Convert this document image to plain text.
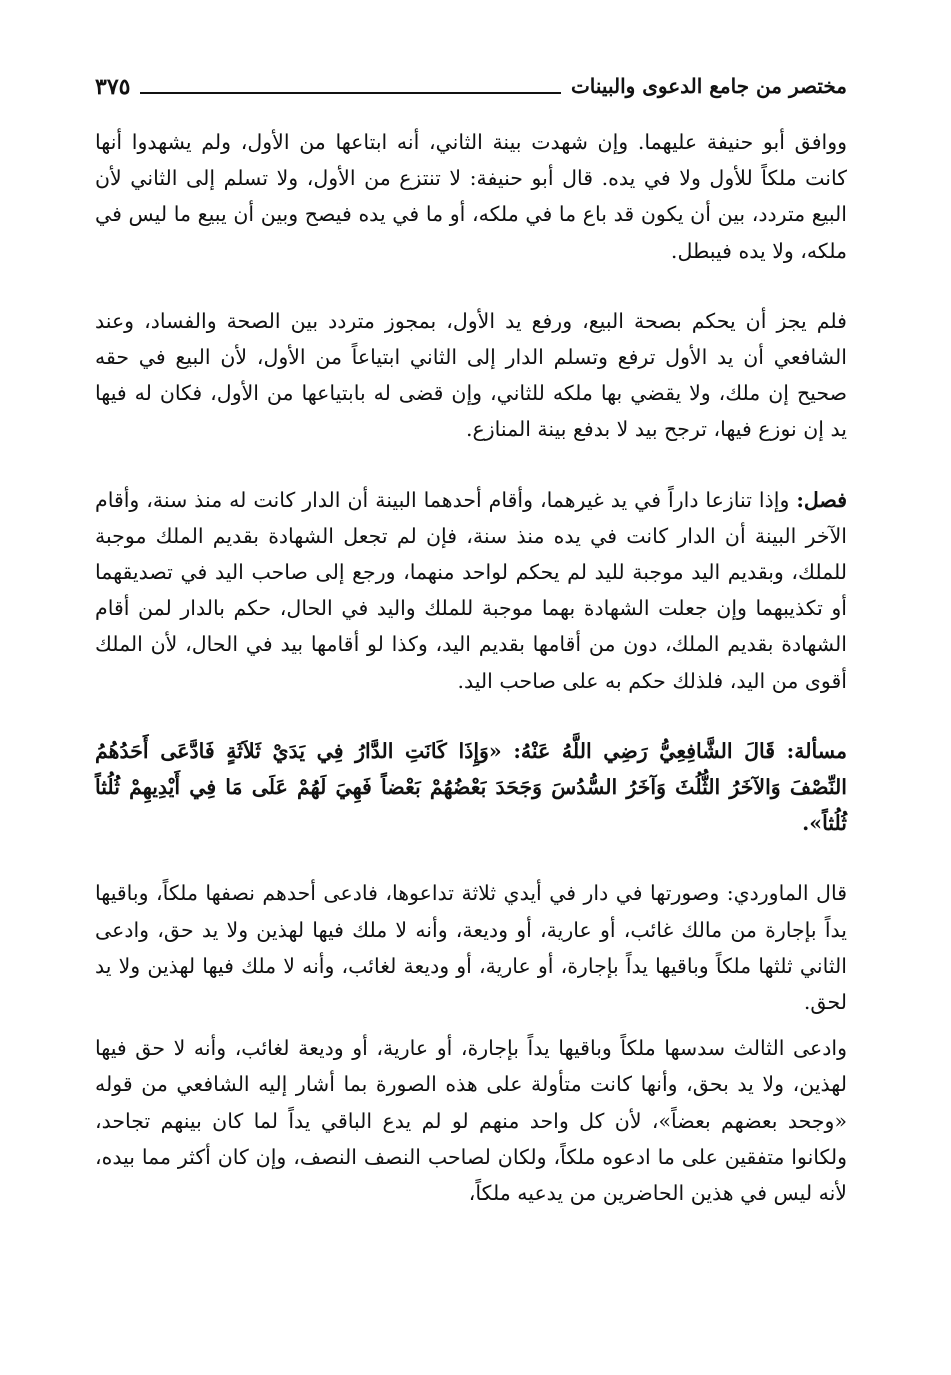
مختصر من جامع الدعوى والبينات
٣٧٥

ووافق أبو حنيفة عليهما. وإن شهدت بينة الثاني، أنه ابتاعها من الأول، ولم يشهدوا أنها كانت ملكاً للأول ولا في يده. قال أبو حنيفة: لا تنتزع من الأول، ولا تسلم إلى الثاني لأن البيع متردد، بين أن يكون قد باع ما في ملكه، أو ما في يده فيصح وبين أن يبيع ما ليس في ملكه، ولا يده فيبطل.

فلم يجز أن يحكم بصحة البيع، ورفع يد الأول، بمجوز متردد بين الصحة والفساد، وعند الشافعي أن يد الأول ترفع وتسلم الدار إلى الثاني ابتياعاً من الأول، لأن البيع في حقه صحيح إن ملك، ولا يقضي بها ملكه للثاني، وإن قضى له بابتياعها من الأول، فكان له فيها يد إن نوزع فيها، ترجح بيد لا بدفع بينة المنازع.

فصل: وإذا تنازعا داراً في يد غيرهما، وأقام أحدهما البينة أن الدار كانت له منذ سنة، وأقام الآخر البينة أن الدار كانت في يده منذ سنة، فإن لم تجعل الشهادة بقديم الملك موجبة للملك، وبقديم اليد موجبة لليد لم يحكم لواحد منهما، ورجع إلى صاحب اليد في تصديقهما أو تكذيبهما وإن جعلت الشهادة بهما موجبة للملك واليد في الحال، حكم بالدار لمن أقام الشهادة بقديم الملك، دون من أقامها بقديم اليد، وكذا لو أقامها بيد في الحال، لأن الملك أقوى من اليد، فلذلك حكم به على صاحب اليد.

مسألة: قَالَ الشَّافِعِيُّ رَضِي اللَّهُ عَنْهُ: «وَإِذَا كَانَتِ الدَّارُ فِي يَدَيْ ثَلاَثَةٍ فَادَّعَى أَحَدُهُمُ النِّصْفَ وَالآخَرُ الثُّلُثَ وَآخَرُ السُّدُسَ وَجَحَدَ بَعْضُهُمْ بَعْضاً فَهِيَ لَهُمْ عَلَى مَا فِي أَيْدِيهِمْ ثُلُثاً ثُلُثاً».

قال الماوردي: وصورتها في دار في أيدي ثلاثة تداعوها، فادعى أحدهم نصفها ملكاً، وباقيها يداً بإجارة من مالك غائب، أو عارية، أو وديعة، وأنه لا ملك فيها لهذين ولا يد حق، وادعى الثاني ثلثها ملكاً وباقيها يداً بإجارة، أو عارية، أو وديعة لغائب، وأنه لا ملك فيها لهذين ولا يد لحق.

وادعى الثالث سدسها ملكاً وباقيها يداً بإجارة، أو عارية، أو وديعة لغائب، وأنه لا حق فيها لهذين، ولا يد بحق، وأنها كانت متأولة على هذه الصورة بما أشار إليه الشافعي من قوله «وجحد بعضهم بعضاً»، لأن كل واحد منهم لو لم يدع الباقي يداً لما كان بينهم تجاحد، ولكانوا متفقين على ما ادعوه ملكاً، ولكان لصاحب النصف النصف، وإن كان أكثر مما بيده، لأنه ليس في هذين الحاضرين من يدعيه ملكاً،
